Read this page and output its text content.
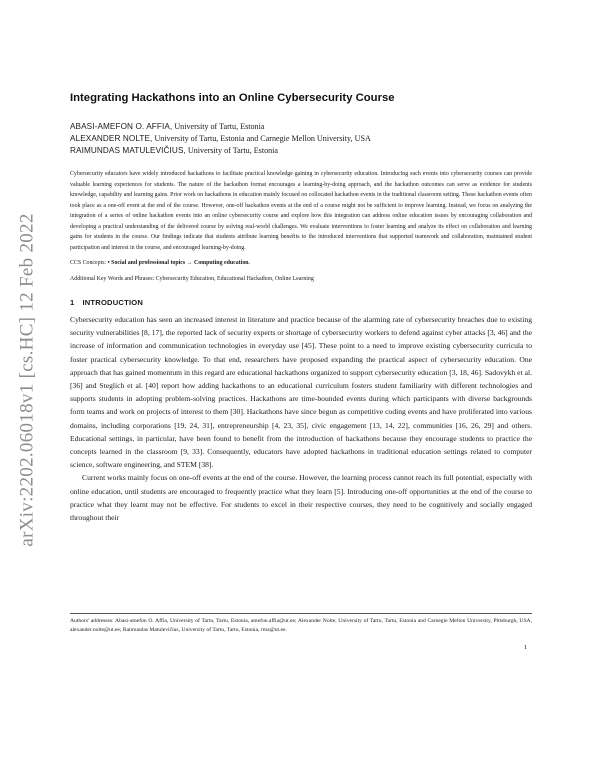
arXiv:2202.06018v1 [cs.HC] 12 Feb 2022
Integrating Hackathons into an Online Cybersecurity Course
ABASI-AMEFON O. AFFIA, University of Tartu, Estonia
ALEXANDER NOLTE, University of Tartu, Estonia and Carnegie Mellon University, USA
RAIMUNDAS MATULEVIČIUS, University of Tartu, Estonia

Cybersecurity educators have widely introduced hackathons to facilitate practical knowledge gaining in cybersecurity education. Introducing such events into cybersecurity courses can provide valuable learning experiences for students. The nature of the hackathon format encourages a learning-by-doing approach, and the hackathon outcomes can serve as evidence for students knowledge, capability and learning gains. Prior work on hackathons in education mainly focused on collocated hackathon events in the traditional classroom setting. These hackathon events often took place as a one-off event at the end of the course. However, one-off hackathon events at the end of a course might not be sufficient to improve learning. Instead, we focus on analyzing the integration of a series of online hackathon events into an online cybersecurity course and explore how this integration can address online education issues by encouraging collaboration and developing a practical understanding of the delivered course by solving real-world challenges. We evaluate interventions to foster learning and analyze its effect on collaboration and learning gains for students in the course. Our findings indicate that students attribute learning benefits to the introduced interventions that supported teamwork and collaboration, maintained student participation and interest in the course, and encouraged learning-by-doing.

CCS Concepts: • Social and professional topics → Computing education.

Additional Key Words and Phrases: Cybersecurity Education, Educational Hackathon, Online Learning

1 INTRODUCTION

Cybersecurity education has seen an increased interest in literature and practice because of the alarming rate of cybersecurity breaches due to existing security vulnerabilities [8, 17], the reported lack of security experts or shortage of cybersecurity workers to defend against cyber attacks [3, 46] and the increase of information and communication technologies in everyday use [45]. These point to a need to improve existing cybersecurity curricula to foster practical cybersecurity knowledge. To that end, researchers have proposed expanding the practical aspect of cybersecurity education. One approach that has gained momentum in this regard are educational hackathons organized to support cybersecurity education [3, 18, 46]. Sadovykh et al. [36] and Steglich et al. [40] report how adding hackathons to an educational curriculum fosters student familiarity with different technologies and supports students in adopting problem-solving practices. Hackathons are time-bounded events during which participants with diverse backgrounds form teams and work on projects of interest to them [30]. Hackathons have since begun as competitive coding events and have proliferated into various domains, including corporations [19, 24, 31], entrepreneurship [4, 23, 35], civic engagement [13, 14, 22], communities [16, 26, 29] and others. Educational settings, in particular, have been found to benefit from the introduction of hackathons because they encourage students to practice the concepts learned in the classroom [9, 33]. Consequently, educators have adopted hackathons in traditional education settings related to computer science, software engineering, and STEM [38].

Current works mainly focus on one-off events at the end of the course. However, the learning process cannot reach its full potential, especially with online education, until students are encouraged to frequently practice what they learn [5]. Introducing one-off opportunities at the end of the course to practice what they learnt may not be effective. For students to excel in their respective courses, they need to be cognitively and socially engaged throughout their

Authors' addresses: Abasi-amefon O. Affia, University of Tartu, Tartu, Estonia, amefon.affia@ut.ee; Alexander Nolte, University of Tartu, Tartu, Estonia and Carnegie Mellon University, Pittsburgh, USA, alexander.nolte@ut.ee; Raimundas Matulevičius, University of Tartu, Tartu, Estonia, rma@ut.ee.
1
